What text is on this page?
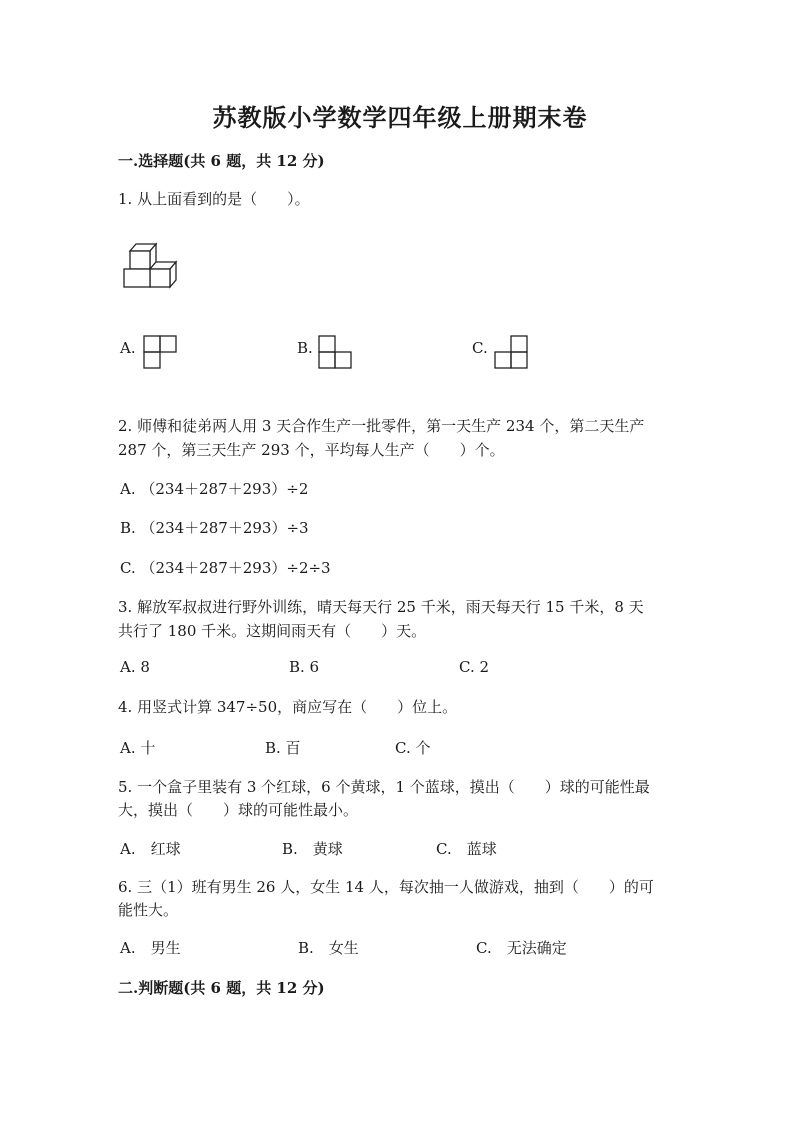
苏教版小学数学四年级上册期末卷
一.选择题(共 6 题，共 12 分)
1. 从上面看到的是（　　）。
A.	B.	C.
2. 师傅和徒弟两人用 3 天合作生产一批零件，第一天生产 234 个，第二天生产
287 个，第三天生产 293 个，平均每人生产（　　）个。
A. （234＋287＋293）÷2
B. （234＋287＋293）÷3
C. （234＋287＋293）÷2÷3
3. 解放军叔叔进行野外训练，晴天每天行 25 千米，雨天每天行 15 千米，8 天
共行了 180 千米。这期间雨天有（　　）天。
A. 8	B. 6	C. 2
4. 用竖式计算 347÷50，商应写在（　　）位上。
A. 十	B. 百	C. 个
5. 一个盒子里装有 3 个红球，6 个黄球，1 个蓝球，摸出（　　）球的可能性最
大，摸出（　　）球的可能性最小。
A.　红球	B.　黄球	C.　蓝球
6. 三（1）班有男生 26 人，女生 14 人，每次抽一人做游戏，抽到（　　）的可
能性大。
A.　男生	B.　女生	C.　无法确定
二.判断题(共 6 题，共 12 分)
